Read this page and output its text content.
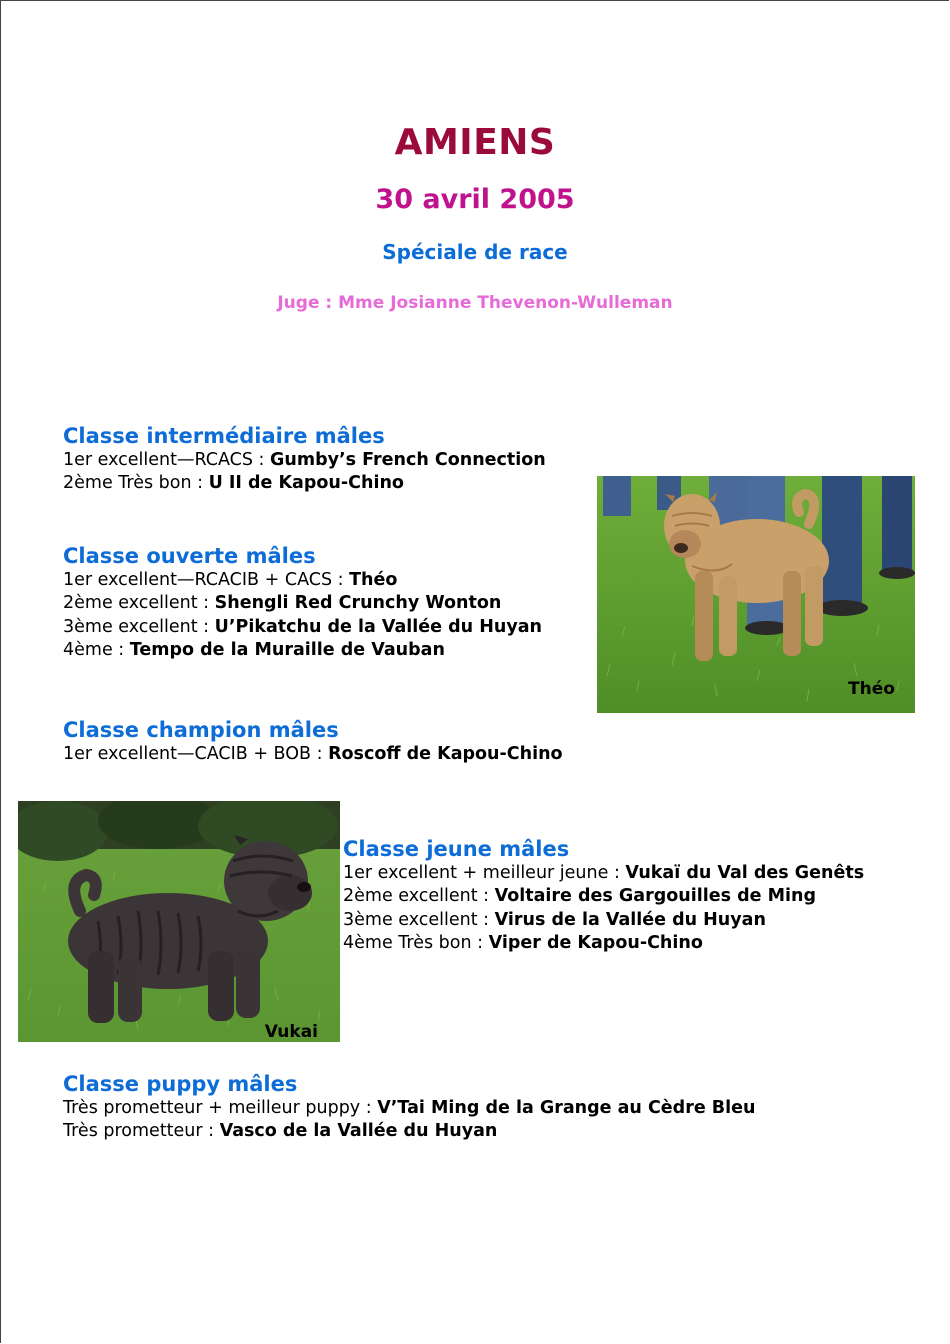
AMIENS
30 avril 2005
Spéciale de race
Juge : Mme Josianne Thevenon-Wulleman
Classe intermédiaire mâles
1er excellent—RCACS : Gumby’s French Connection
2ème Très bon : U II de Kapou-Chino
Classe ouverte mâles
1er excellent—RCACIB + CACS : Théo
2ème excellent : Shengli Red Crunchy Wonton
3ème excellent : U’Pikatchu de la Vallée du Huyan
4ème : Tempo de la Muraille de Vauban
Classe champion mâles
1er excellent—CACIB + BOB : Roscoff de Kapou-Chino
Classe jeune mâles
1er excellent + meilleur jeune : Vukaï du Val des Genêts
2ème excellent : Voltaire des Gargouilles de Ming
3ème excellent : Virus de la Vallée du Huyan
4ème Très bon : Viper de Kapou-Chino
Classe puppy mâles
Très prometteur + meilleur puppy : V’Tai Ming de la Grange au Cèdre Bleu
Très prometteur : Vasco de la Vallée du Huyan
Théo
Vukai
